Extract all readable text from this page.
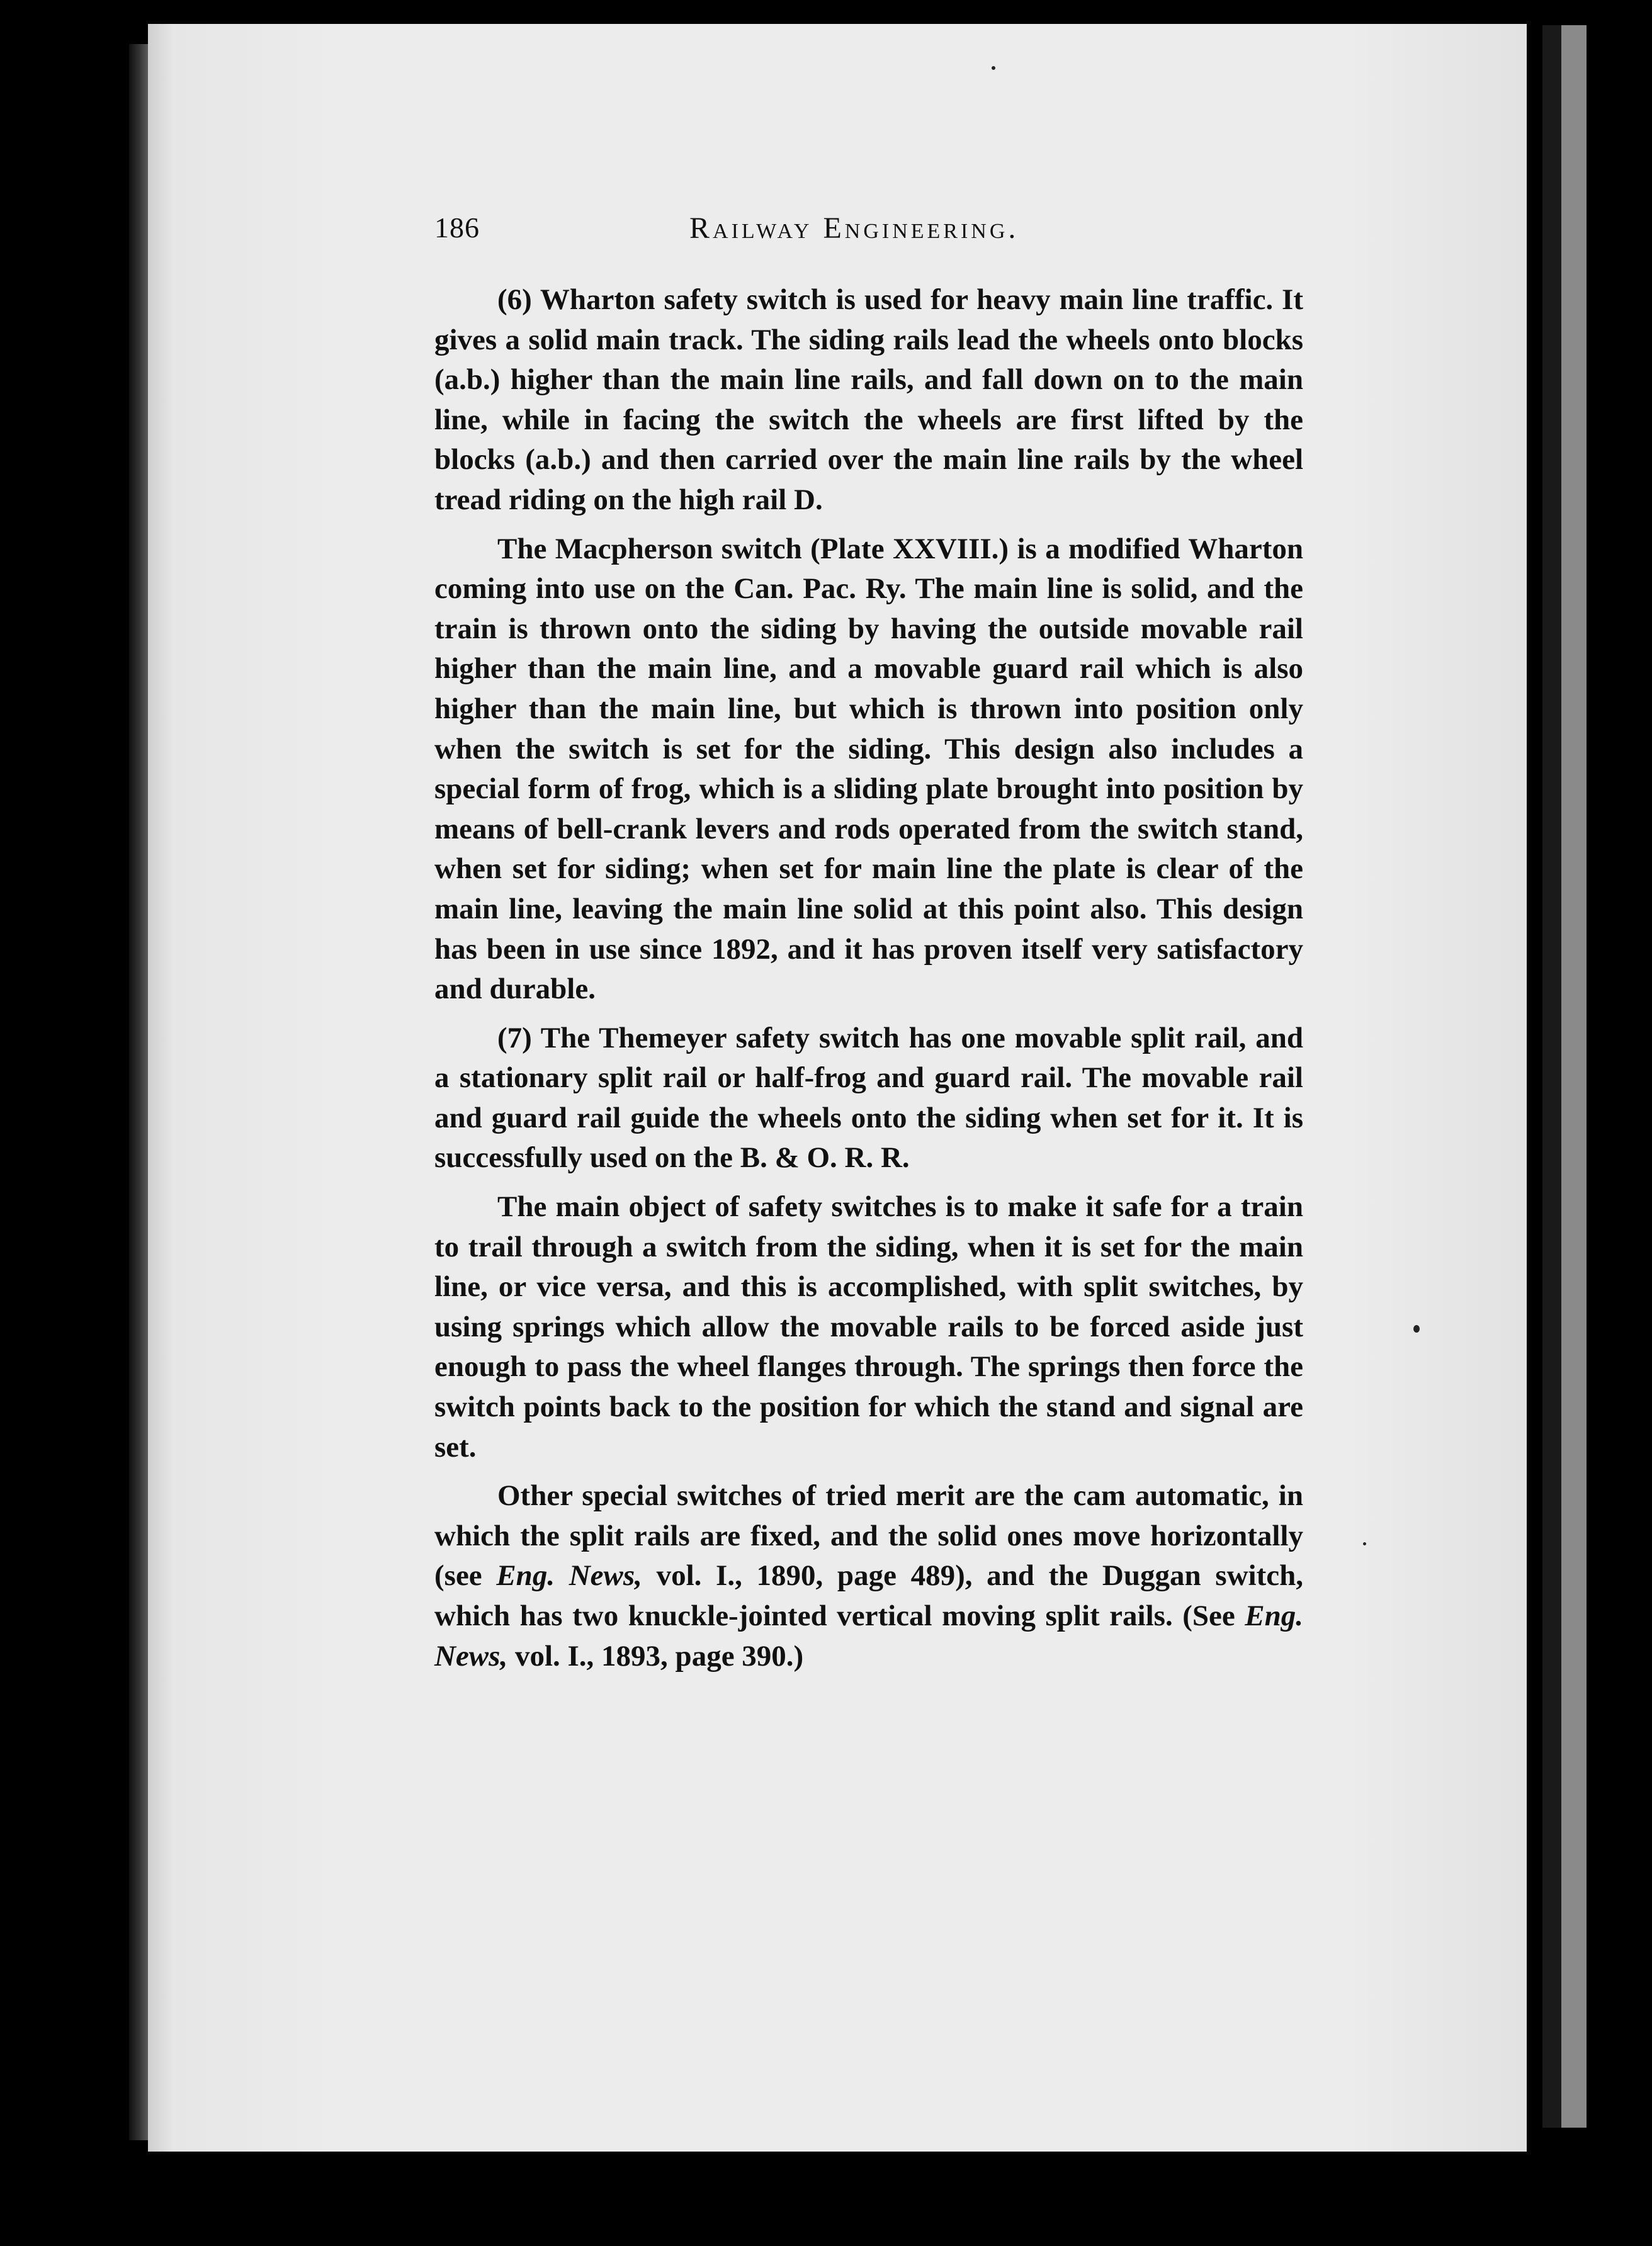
186	Railway Engineering.

(6) Wharton safety switch is used for heavy main line traffic. It gives a solid main track. The siding rails lead the wheels onto blocks (a.b.) higher than the main line rails, and fall down on to the main line, while in facing the switch the wheels are first lifted by the blocks (a.b.) and then carried over the main line rails by the wheel tread riding on the high rail D.

The Macpherson switch (Plate XXVIII.) is a modified Wharton coming into use on the Can. Pac. Ry. The main line is solid, and the train is thrown onto the siding by having the outside movable rail higher than the main line, and a movable guard rail which is also higher than the main line, but which is thrown into position only when the switch is set for the siding. This design also includes a special form of frog, which is a sliding plate brought into position by means of bell-crank levers and rods operated from the switch stand, when set for siding; when set for main line the plate is clear of the main line, leaving the main line solid at this point also. This design has been in use since 1892, and it has proven itself very satisfactory and durable.

(7) The Themeyer safety switch has one movable split rail, and a stationary split rail or half-frog and guard rail. The movable rail and guard rail guide the wheels onto the siding when set for it. It is successfully used on the B. & O. R. R.

The main object of safety switches is to make it safe for a train to trail through a switch from the siding, when it is set for the main line, or vice versa, and this is accomplished, with split switches, by using springs which allow the movable rails to be forced aside just enough to pass the wheel flanges through. The springs then force the switch points back to the position for which the stand and signal are set.

Other special switches of tried merit are the cam automatic, in which the split rails are fixed, and the solid ones move horizontally (see Eng. News, vol. I., 1890, page 489), and the Duggan switch, which has two knuckle-jointed vertical moving split rails. (See Eng. News, vol. I., 1893, page 390.)
